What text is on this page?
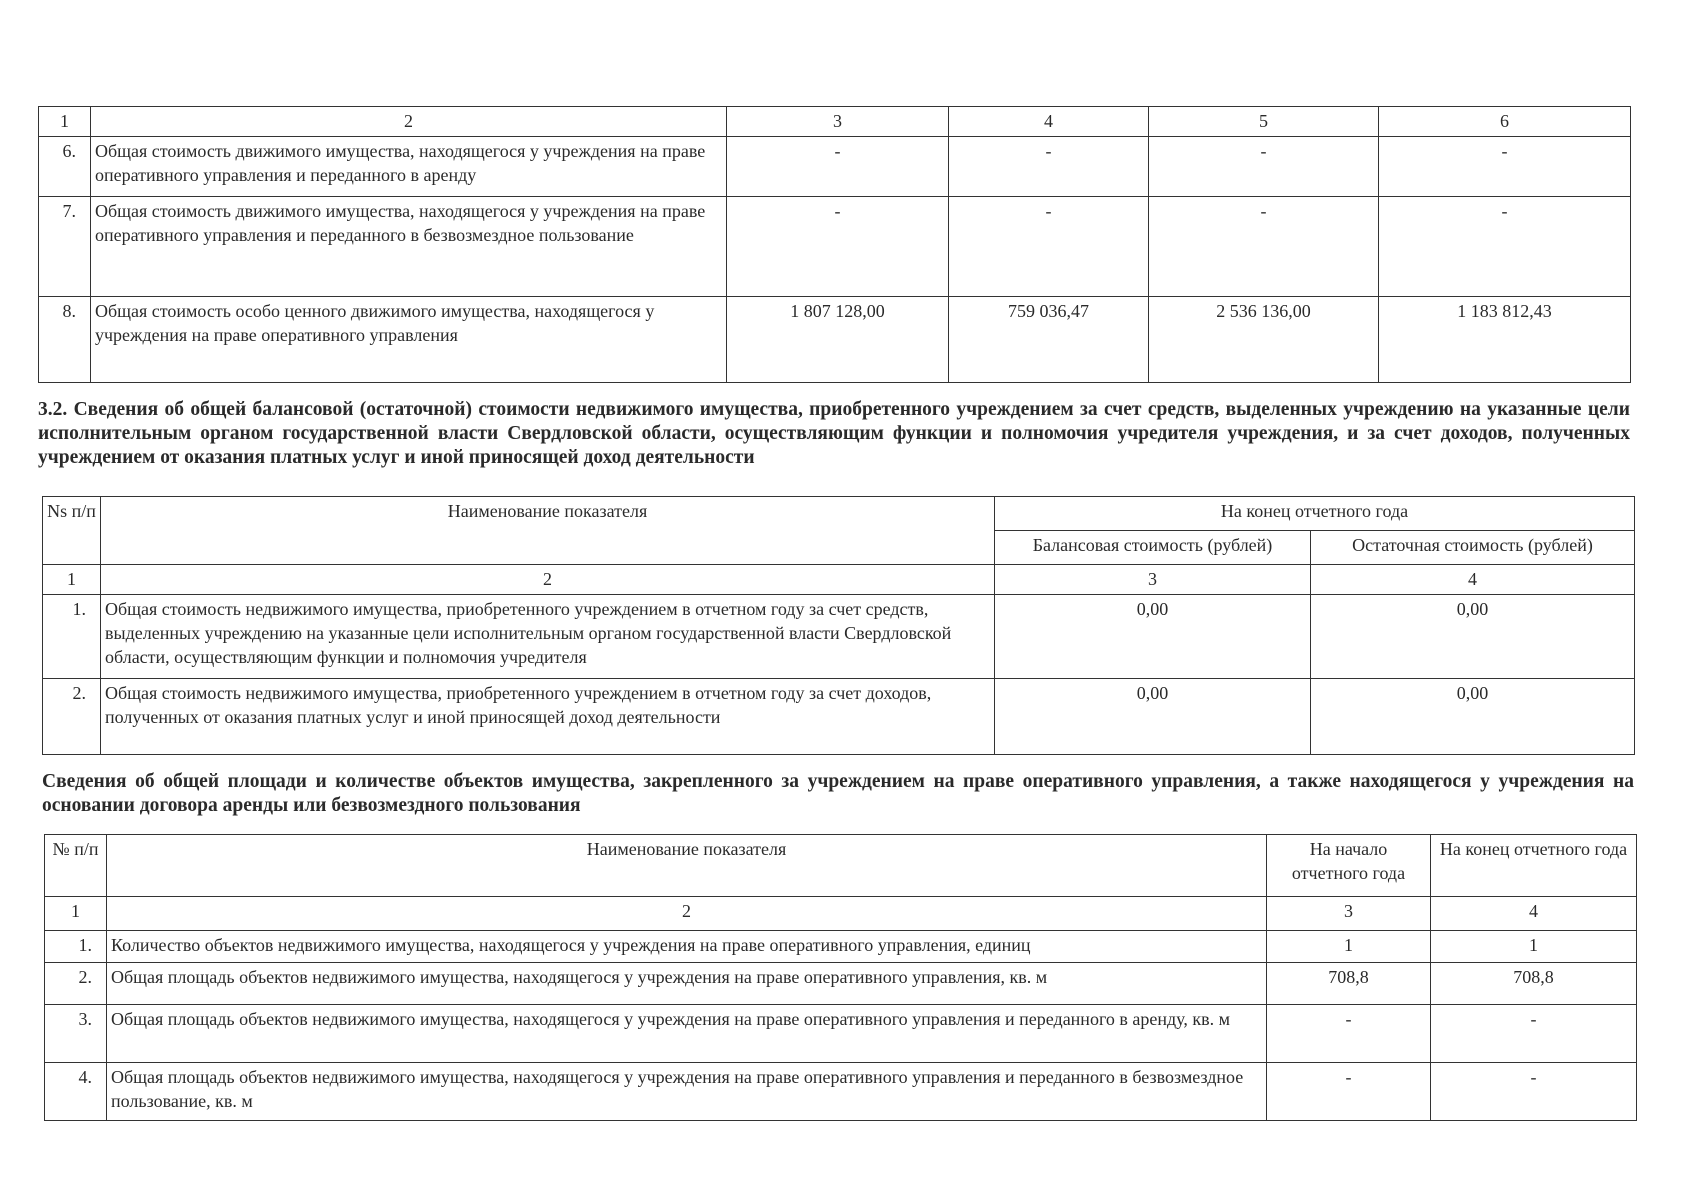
1	2	3	4	5	6
6.	Общая стоимость движимого имущества, находящегося у учреждения на праве оперативного управления и переданного в аренду	-	-	-	-
7.	Общая стоимость движимого имущества, находящегося у учреждения на праве оперативного управления и переданного в безвозмездное пользование	-	-	-	-
8.	Общая стоимость особо ценного движимого имущества, находящегося у учреждения на праве оперативного управления	1 807 128,00	759 036,47	2 536 136,00	1 183 812,43
3.2. Сведения об общей балансовой (остаточной) стоимости недвижимого имущества, приобретенного учреждением за счет средств, выделенных учреждению на указанные цели исполнительным органом государственной власти Свердловской области, осуществляющим функции и полномочия учредителя учреждения, и за счет доходов, полученных учреждением от оказания платных услуг и иной приносящей доход деятельности
Ns п/п	Наименование показателя	На конец отчетного года	
		Балансовая стоимость (рублей)	Остаточная стоимость (рублей)
1	2	3	4
1.	Общая стоимость недвижимого имущества, приобретенного учреждением в отчетном году за счет средств, выделенных учреждению на указанные цели исполнительным органом государственной власти Свердловской области, осуществляющим функции и полномочия учредителя	0,00	0,00
2.	Общая стоимость недвижимого имущества, приобретенного учреждением в отчетном году за счет доходов, полученных от оказания платных услуг и иной приносящей доход деятельности	0,00	0,00
Сведения об общей площади и количестве объектов имущества, закрепленного за учреждением на праве оперативного управления, а также находящегося у учреждения на основании договора аренды или безвозмездного пользования
№ п/п	Наименование показателя	На начало отчетного года	На конец отчетного года
1	2	3	4
1.	Количество объектов недвижимого имущества, находящегося у учреждения на праве оперативного управления, единиц	1	1
2.	Общая площадь объектов недвижимого имущества, находящегося у учреждения на праве оперативного управления, кв. м	708,8	708,8
3.	Общая площадь объектов недвижимого имущества, находящегося у учреждения на праве оперативного управления и переданного в аренду, кв. м	-	-
4.	Общая площадь объектов недвижимого имущества, находящегося у учреждения на праве оперативного управления и переданного в безвозмездное пользование, кв. м	-	-
